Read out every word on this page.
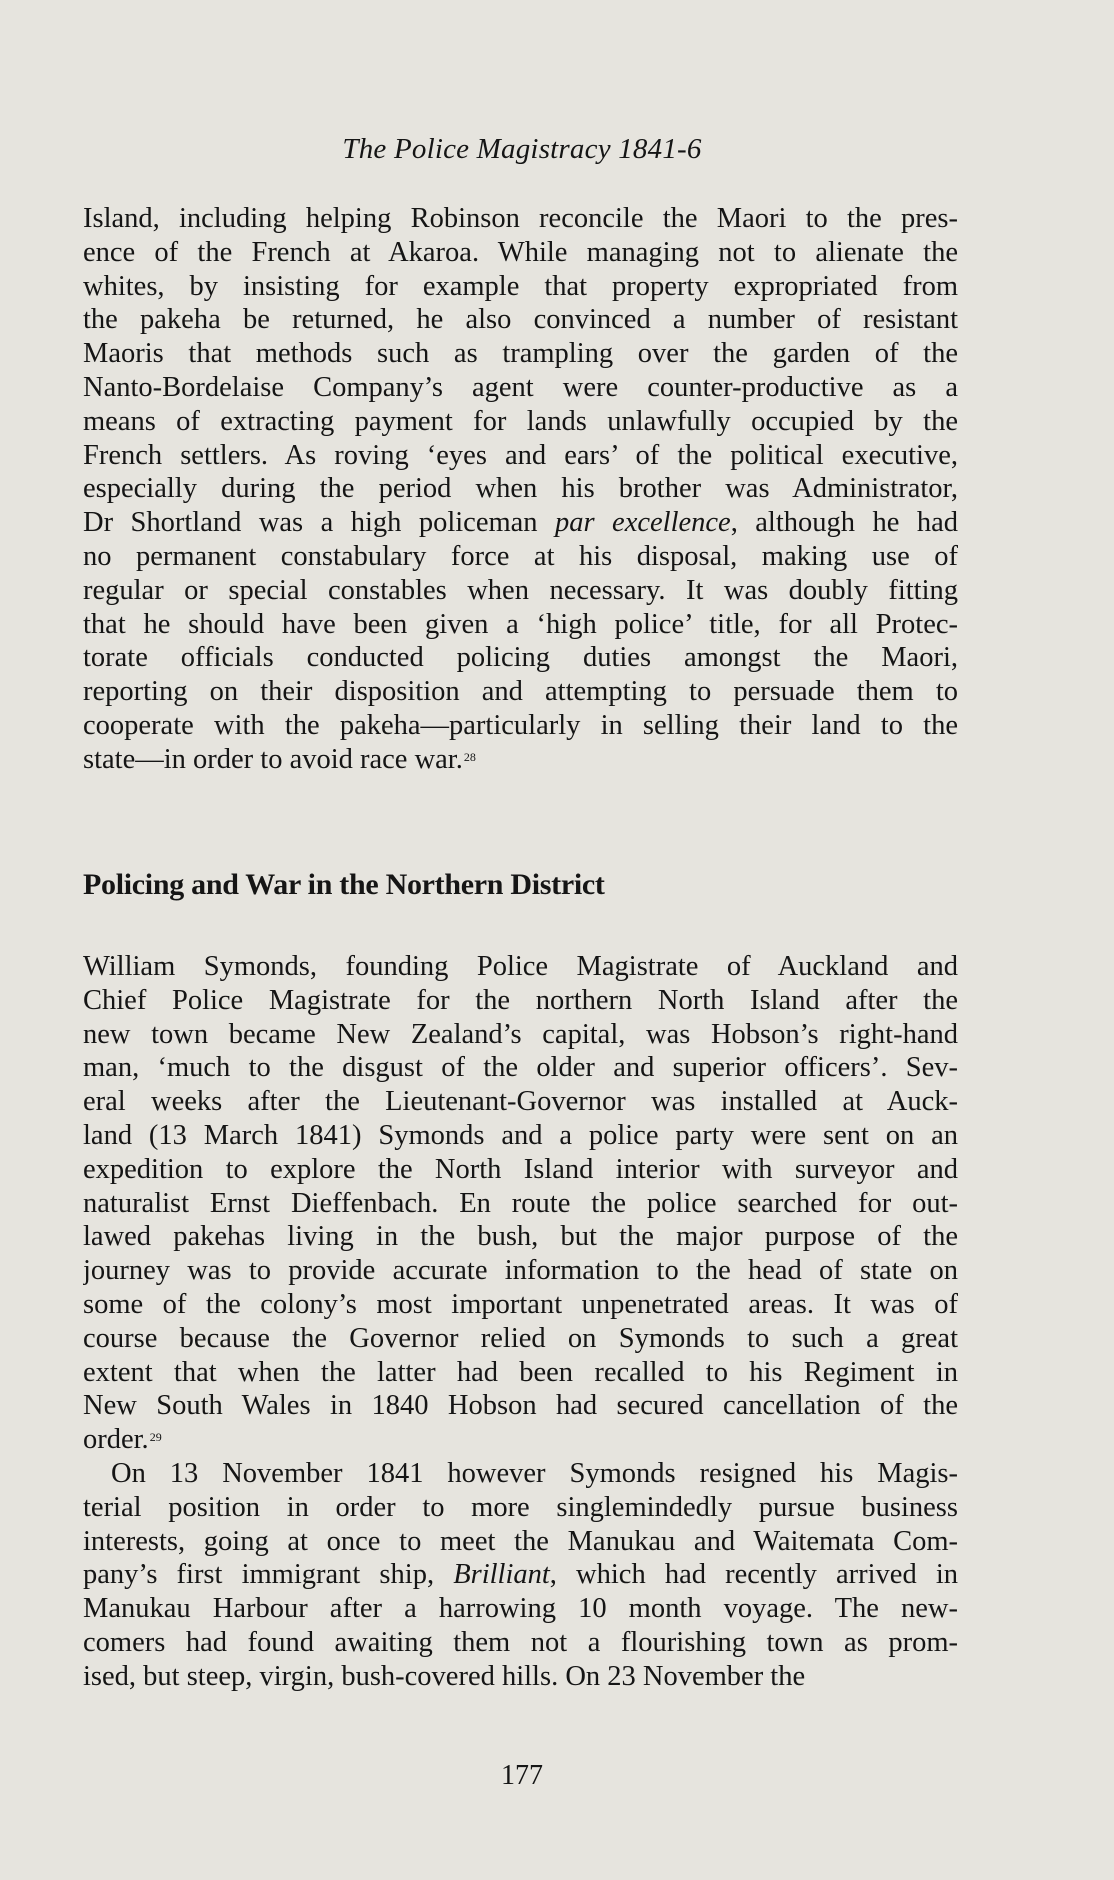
The Police Magistracy 1841-6
Island, including helping Robinson reconcile the Maori to the pres-
ence of the French at Akaroa. While managing not to alienate the
whites, by insisting for example that property expropriated from
the pakeha be returned, he also convinced a number of resistant
Maoris that methods such as trampling over the garden of the
Nanto-Bordelaise Company’s agent were counter-productive as a
means of extracting payment for lands unlawfully occupied by the
French settlers. As roving ‘eyes and ears’ of the political executive,
especially during the period when his brother was Administrator,
Dr Shortland was a high policeman par excellence, although he had
no permanent constabulary force at his disposal, making use of
regular or special constables when necessary. It was doubly fitting
that he should have been given a ‘high police’ title, for all Protec-
torate officials conducted policing duties amongst the Maori,
reporting on their disposition and attempting to persuade them to
cooperate with the pakeha—particularly in selling their land to the
state—in order to avoid race war.$^{28}$
Policing and War in the Northern District
William Symonds, founding Police Magistrate of Auckland and
Chief Police Magistrate for the northern North Island after the
new town became New Zealand’s capital, was Hobson’s right-hand
man, ‘much to the disgust of the older and superior officers’. Sev-
eral weeks after the Lieutenant-Governor was installed at Auck-
land (13 March 1841) Symonds and a police party were sent on an
expedition to explore the North Island interior with surveyor and
naturalist Ernst Dieffenbach. En route the police searched for out-
lawed pakehas living in the bush, but the major purpose of the
journey was to provide accurate information to the head of state on
some of the colony’s most important unpenetrated areas. It was of
course because the Governor relied on Symonds to such a great
extent that when the latter had been recalled to his Regiment in
New South Wales in 1840 Hobson had secured cancellation of the
order.$^{29}$
On 13 November 1841 however Symonds resigned his Magis-
terial position in order to more singlemindedly pursue business
interests, going at once to meet the Manukau and Waitemata Com-
pany’s first immigrant ship, Brilliant, which had recently arrived in
Manukau Harbour after a harrowing 10 month voyage. The new-
comers had found awaiting them not a flourishing town as prom-
ised, but steep, virgin, bush-covered hills. On 23 November the
177
